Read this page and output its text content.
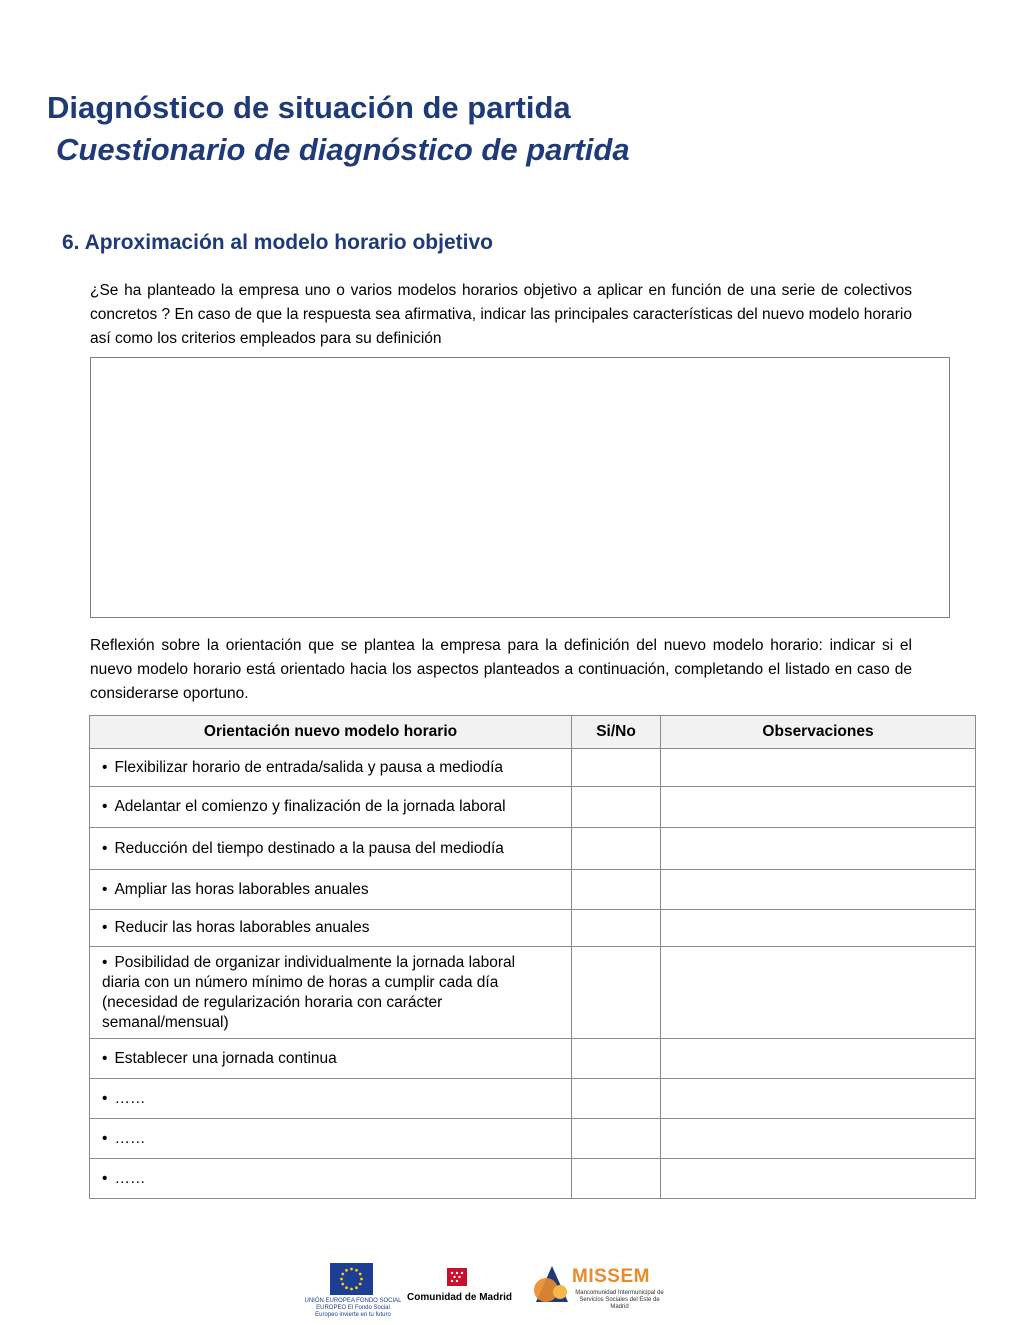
Diagnóstico de situación de partida
Cuestionario de diagnóstico de partida
6. Aproximación al modelo horario objetivo

¿Se ha planteado la empresa uno o varios modelos horarios objetivo a aplicar en función de una serie de colectivos concretos ? En caso de que la respuesta sea afirmativa, indicar las principales características del nuevo modelo horario así como los criterios empleados para su definición

Reflexión sobre la orientación que se plantea la empresa para la definición del nuevo modelo horario: indicar si el nuevo modelo horario está orientado hacia los aspectos planteados a continuación, completando el listado en caso de considerarse oportuno.

Orientación nuevo modelo horario	Si/No	Observaciones
• Flexibilizar horario de entrada/salida y pausa a mediodía		
• Adelantar el comienzo y finalización de la jornada laboral		
• Reducción del tiempo destinado a la pausa del mediodía		
• Ampliar las horas laborables anuales		
• Reducir las horas laborables anuales		
• Posibilidad de organizar individualmente la jornada laboral diaria con un número mínimo de horas a cumplir cada día (necesidad de regularización horaria con carácter semanal/mensual)		
• Establecer una jornada continua		
• ……		
• ……		
• ……		
UNIÓN EUROPEA FONDO SOCIAL EUROPEO El Fondo Social Europeo invierte en tu futuro
Comunidad de Madrid
MISSEM
Mancomunidad Intermunicipal de Servicios Sociales del Este de Madrid
